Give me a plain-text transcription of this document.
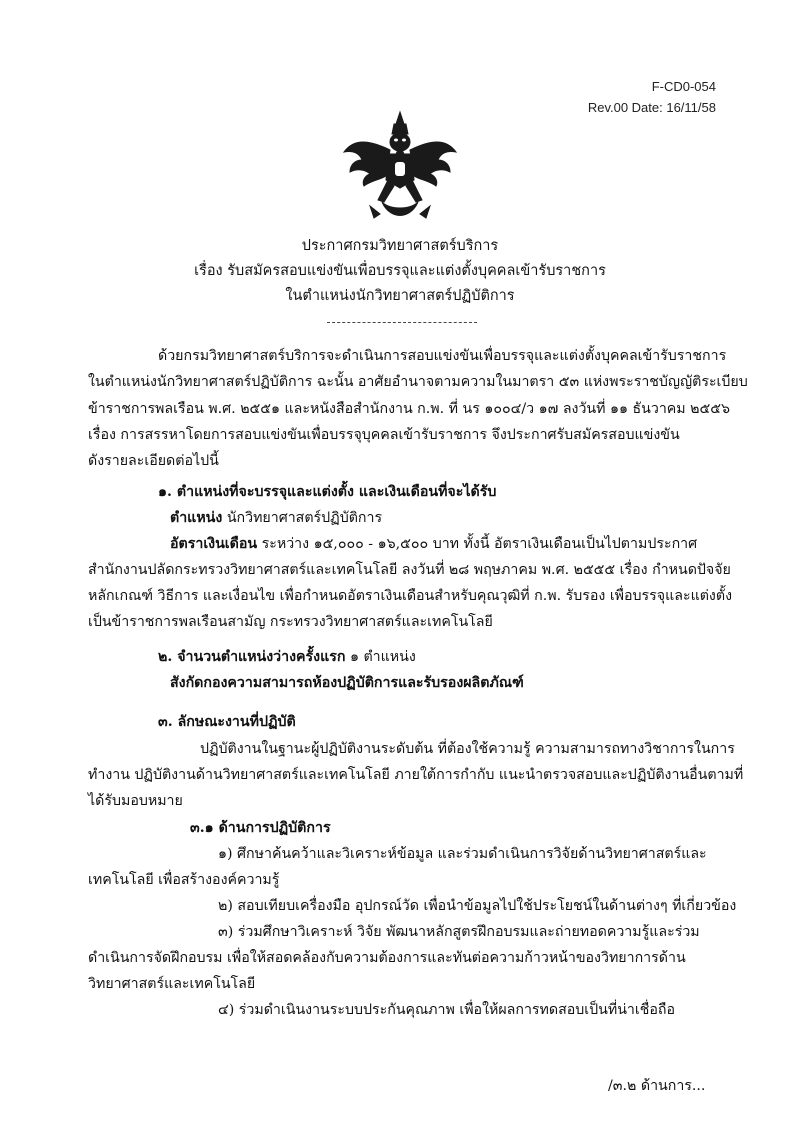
F-CD0-054
Rev.00 Date: 16/11/58
ประกาศกรมวิทยาศาสตร์บริการ
เรื่อง รับสมัครสอบแข่งขันเพื่อบรรจุและแต่งตั้งบุคคลเข้ารับราชการ
ในตำแหน่งนักวิทยาศาสตร์ปฏิบัติการ
ด้วยกรมวิทยาศาสตร์บริการจะดำเนินการสอบแข่งขันเพื่อบรรจุและแต่งตั้งบุคคลเข้ารับราชการ
ในตำแหน่งนักวิทยาศาสตร์ปฏิบัติการ ฉะนั้น อาศัยอำนาจตามความในมาตรา ๕๓ แห่งพระราชบัญญัติระเบียบ
ข้าราชการพลเรือน พ.ศ. ๒๕๕๑ และหนังสือสำนักงาน ก.พ. ที่ นร ๑๐๐๔/ว ๑๗ ลงวันที่ ๑๑ ธันวาคม ๒๕๕๖
เรื่อง การสรรหาโดยการสอบแข่งขันเพื่อบรรจุบุคคลเข้ารับราชการ จึงประกาศรับสมัครสอบแข่งขัน
ดังรายละเอียดต่อไปนี้
๑. ตำแหน่งที่จะบรรจุและแต่งตั้ง และเงินเดือนที่จะได้รับ
ตำแหน่ง นักวิทยาศาสตร์ปฏิบัติการ
อัตราเงินเดือน ระหว่าง ๑๕,๐๐๐ - ๑๖,๕๐๐ บาท ทั้งนี้ อัตราเงินเดือนเป็นไปตามประกาศ
สำนักงานปลัดกระทรวงวิทยาศาสตร์และเทคโนโลยี ลงวันที่ ๒๘ พฤษภาคม พ.ศ. ๒๕๕๕ เรื่อง กำหนดปัจจัย
หลักเกณฑ์ วิธีการ และเงื่อนไข เพื่อกำหนดอัตราเงินเดือนสำหรับคุณวุฒิที่ ก.พ. รับรอง เพื่อบรรจุและแต่งตั้ง
เป็นข้าราชการพลเรือนสามัญ กระทรวงวิทยาศาสตร์และเทคโนโลยี
๒. จำนวนตำแหน่งว่างครั้งแรก ๑ ตำแหน่ง
สังกัดกองความสามารถห้องปฏิบัติการและรับรองผลิตภัณฑ์
๓. ลักษณะงานที่ปฏิบัติ
ปฏิบัติงานในฐานะผู้ปฏิบัติงานระดับต้น ที่ต้องใช้ความรู้ ความสามารถทางวิชาการในการ
ทำงาน ปฏิบัติงานด้านวิทยาศาสตร์และเทคโนโลยี ภายใต้การกำกับ แนะนำตรวจสอบและปฏิบัติงานอื่นตามที่
ได้รับมอบหมาย
๓.๑ ด้านการปฏิบัติการ
๑) ศึกษาค้นคว้าและวิเคราะห์ข้อมูล และร่วมดำเนินการวิจัยด้านวิทยาศาสตร์และ
เทคโนโลยี เพื่อสร้างองค์ความรู้
๒) สอบเทียบเครื่องมือ อุปกรณ์วัด เพื่อนำข้อมูลไปใช้ประโยชน์ในด้านต่างๆ ที่เกี่ยวข้อง
๓) ร่วมศึกษาวิเคราะห์ วิจัย พัฒนาหลักสูตรฝึกอบรมและถ่ายทอดความรู้และร่วม
ดำเนินการจัดฝึกอบรม เพื่อให้สอดคล้องกับความต้องการและทันต่อความก้าวหน้าของวิทยาการด้าน
วิทยาศาสตร์และเทคโนโลยี
๔) ร่วมดำเนินงานระบบประกันคุณภาพ เพื่อให้ผลการทดสอบเป็นที่น่าเชื่อถือ
/๓.๒ ด้านการ...
